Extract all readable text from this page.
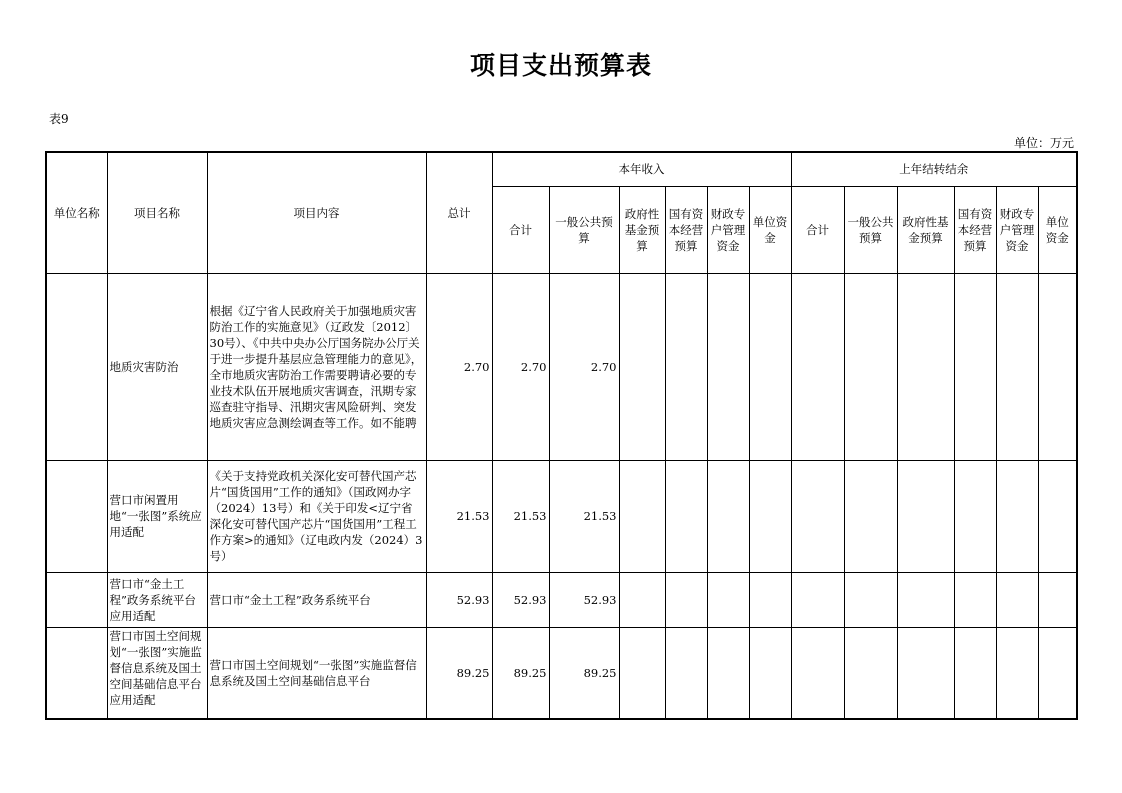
项目支出预算表
表9
单位：万元
单位名称	项目名称	项目内容	总计	本年收入						上年结转结余					
				合计	一般公共预算	政府性基金预算	国有资本经营预算	财政专户管理资金	单位资金	合计	一般公共预算	政府性基金预算	国有资本经营预算	财政专户管理资金	单位资金
	地质灾害防治	根据《辽宁省人民政府关于加强地质灾害防治工作的实施意见》（辽政发〔2012〕30号）、《中共中央办公厅国务院办公厅关于进一步提升基层应急管理能力的意见》，全市地质灾害防治工作需要聘请必要的专业技术队伍开展地质灾害调查，汛期专家巡查驻守指导、汛期灾害风险研判、突发地质灾害应急测绘调查等工作。如不能聘	2.70	2.70	2.70										
	营口市闲置用地“一张图”系统应用适配	《关于支持党政机关深化安可替代国产芯片“国货国用”工作的通知》（国政网办字（2024）13号）和《关于印发<辽宁省深化安可替代国产芯片“国货国用”工程工作方案>的通知》（辽电政内发（2024）3号）	21.53	21.53	21.53										
	营口市“金土工程”政务系统平台应用适配	营口市“金土工程”政务系统平台	52.93	52.93	52.93										

	营口市国土空间规划“一张图”实施监督信息系统及国土空间基础信息平台应用适配	营口市国土空间规划“一张图”实施监督信息系统及国土空间基础信息平台	89.25	89.25	89.25										
